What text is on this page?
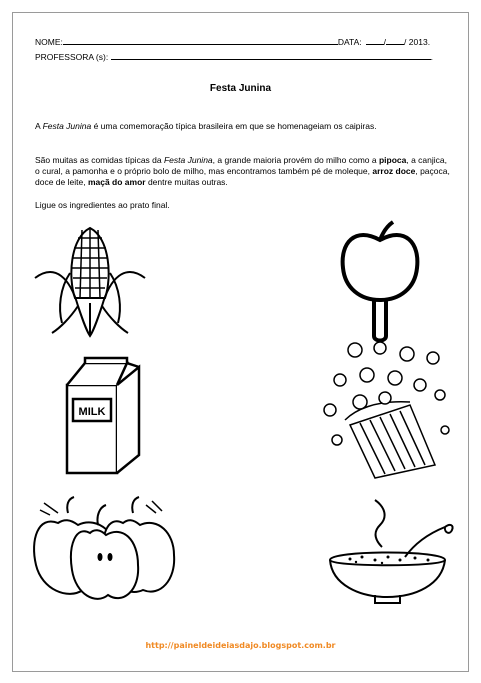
NOME:	DATA:	/ / 2013.
PROFESSORA (s):	.
Festa Junina
A Festa Junina é uma comemoração típica brasileira em que se homenageiam os caipiras.
São muitas as comidas típicas da Festa Junina, a grande maioria provém do milho como a pipoca, a canjica, o cural, a pamonha e o próprio bolo de milho, mas encontramos também pé de moleque, arroz doce, paçoca, doce de leite, maçã do amor dentre muitas outras.
Ligue os ingredientes ao prato final.
MILK
http://paineldeideiasdajo.blogspot.com.br
